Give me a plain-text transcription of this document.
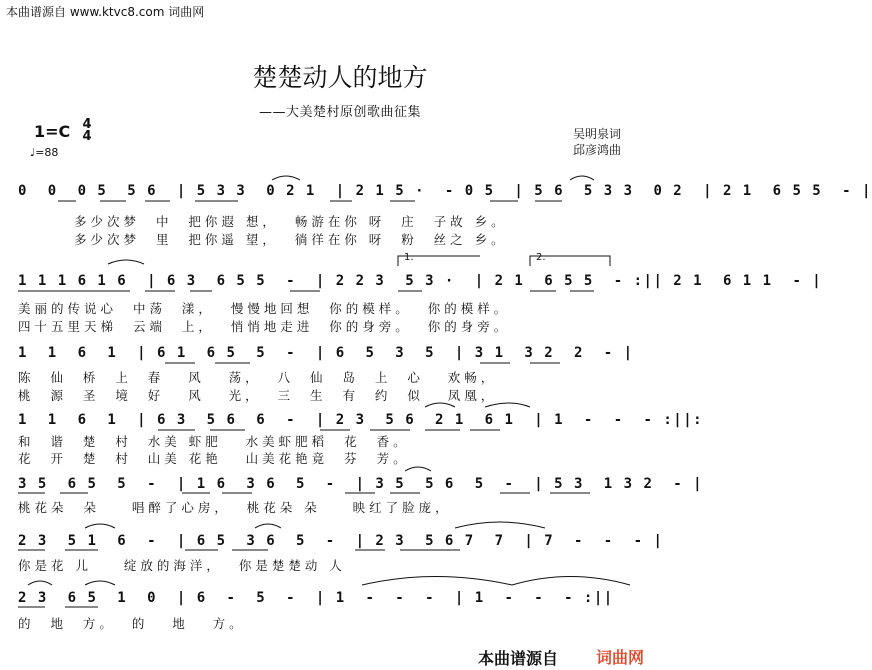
本曲谱源自 www.ktvc8.com 词曲网
楚楚动人的地方
——大美楚村原创歌曲征集
1=C 4
4
♩=88
吴明泉词
邱彦鸿曲
0  0  0 5  5 6  | 5 3 3  0 2 1  | 2 1 5 ·  - 0 5  | 5 6  5 3 3  0 2  | 2 1  6 5 5  - |
多少次梦  中  把你遐 想，  畅游在你 呀  庄  子故 乡。
多少次梦  里  把你遥 望，  徜徉在你 呀  粉  丝之 乡。
1.	2.
1 1 1 6 1 6  | 6 3  6 5 5  -  | 2 2 3  5 3 ·  | 2 1  6 5 5  - :|| 2 1  6 1 1  - |
美丽的传说心  中荡  漾，  慢慢地回想  你的模样。  你的模样。
四十五里天梯  云端  上，  悄悄地走进  你的身旁。  你的身旁。
1  1  6  1  | 6 1  6 5  5  -  | 6  5  3  5  | 3 1  3 2  2  - |
陈  仙  桥  上  春   风   荡，  八  仙  岛  上  心   欢畅，
桃  源  圣  境  好   风   光，  三  生  有  约  似   凤凰，
1  1  6  1  | 6 3  5 6  6  -  | 2 3  5 6  2 1  6 1  | 1  -  -  - :||:
和  谐  楚  村  水美 虾肥   水美虾肥稻  花  香。
花  开  楚  村  山美 花艳   山美花艳竟  芬  芳。
3 5  6 5  5  -  | 1 6  3 6  5  -  | 3 5  5 6  5  -  | 5 3  1 3 2  - |
桃花朵  朵    唱醉了心房，  桃花朵 朵    映红了脸庞，
2 3  5 1  6  -  | 6 5  3 6  5  -  | 2 3  5 6 7  7  | 7  -  -  - |
你是花 儿    绽放的海洋，  你是楚楚动 人
2 3  6 5  1  0  | 6  -  5  -  | 1  -  -  -  | 1  -  -  - :||
的  地  方。  的   地   方。
本曲谱源自 词曲网
